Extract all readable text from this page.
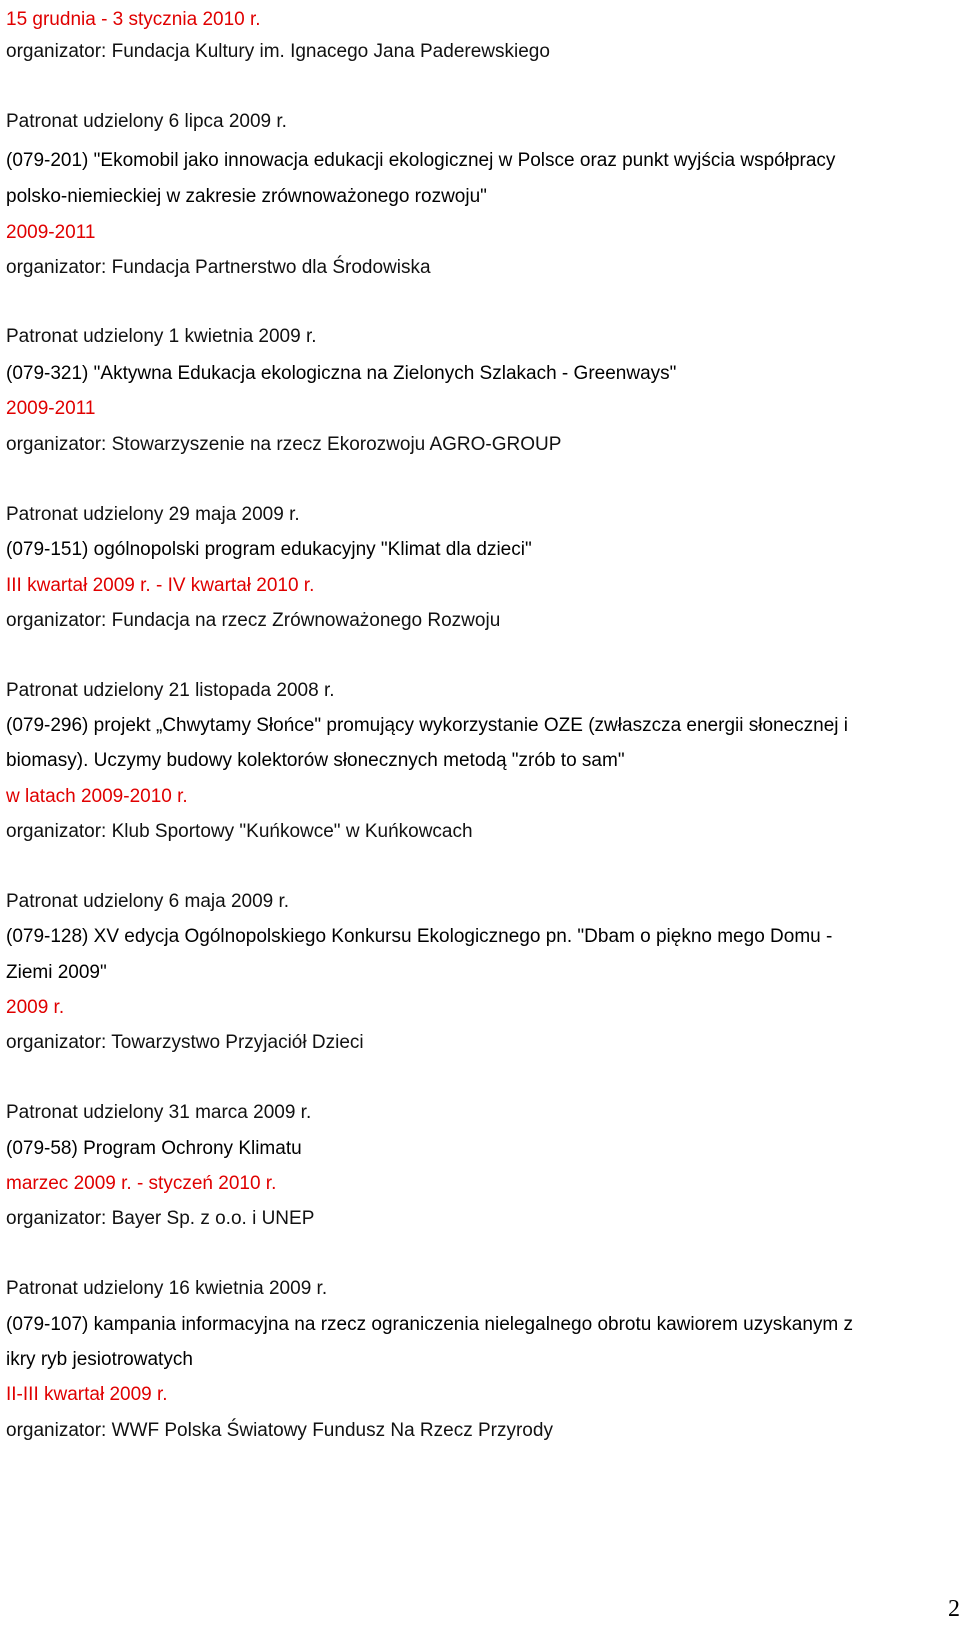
15 grudnia - 3 stycznia 2010 r.
organizator: Fundacja Kultury im. Ignacego Jana Paderewskiego
Patronat udzielony 6 lipca 2009 r.
(079-201) "Ekomobil jako innowacja edukacji ekologicznej w Polsce oraz punkt wyjścia współpracy
polsko-niemieckiej w zakresie zrównoważonego rozwoju"
2009-2011
organizator: Fundacja Partnerstwo dla Środowiska
Patronat udzielony 1 kwietnia 2009 r.
(079-321) "Aktywna Edukacja ekologiczna na Zielonych Szlakach - Greenways"
2009-2011
organizator: Stowarzyszenie na rzecz Ekorozwoju AGRO-GROUP
Patronat udzielony 29 maja 2009 r.
(079-151) ogólnopolski program edukacyjny "Klimat dla dzieci"
III kwartał 2009 r. - IV kwartał 2010 r.
organizator: Fundacja na rzecz Zrównoważonego Rozwoju
Patronat udzielony 21 listopada 2008 r.
(079-296) projekt „Chwytamy Słońce" promujący wykorzystanie OZE (zwłaszcza energii słonecznej i
biomasy). Uczymy budowy kolektorów słonecznych metodą "zrób to sam"
w latach 2009-2010 r.
organizator: Klub Sportowy "Kuńkowce" w Kuńkowcach
Patronat udzielony 6 maja 2009 r.
(079-128) XV edycja Ogólnopolskiego Konkursu Ekologicznego pn. "Dbam o piękno mego Domu -
Ziemi 2009"
2009 r.
organizator: Towarzystwo Przyjaciół Dzieci
Patronat udzielony 31 marca 2009 r.
(079-58) Program Ochrony Klimatu
marzec 2009 r. - styczeń 2010 r.
organizator: Bayer Sp. z o.o. i UNEP
Patronat udzielony 16 kwietnia 2009 r.
(079-107) kampania informacyjna na rzecz ograniczenia nielegalnego obrotu kawiorem uzyskanym z
ikry ryb jesiotrowatych
II-III kwartał 2009 r.
organizator: WWF Polska Światowy Fundusz Na Rzecz Przyrody
2
